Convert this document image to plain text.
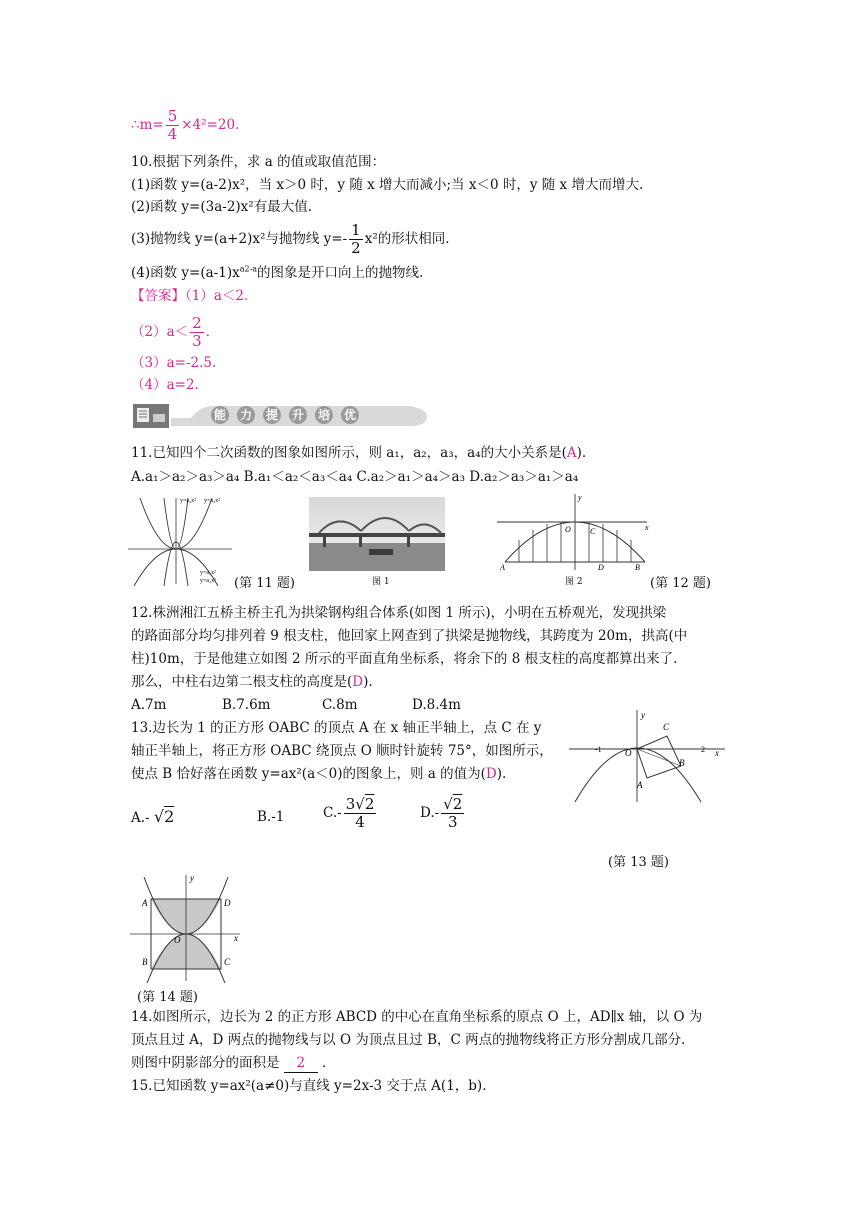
∴m= $\frac{5}{4} \times 4^2=20$.
10.根据下列条件，求 a 的值或取值范围：
(1)函数 y=(a-2)x²，当 x＞0 时，y 随 x 增大而减小;当 x＜0 时，y 随 x 增大而增大.
(2)函数 y=(3a-2)x²有最大值.
(3)抛物线 y=(a+2)x²与抛物线 $y=- \frac{1}{2} x^2$的形状相同.
(4)函数 $y=(a-1)x^{a2-a}$的图象是开口向上的抛物线.
【答案】（1）a＜2．
$(2)a< \frac{2}{3}$ ．
（3）a=-2.5.
（4）a=2.
能 力 提 升 培 优
11.已知四个二次函数的图象如图所示，则 a₁，a₂，a₃，a₄的大小关系是(A).
A.a₁＞a₂＞a₃＞a₄ B.a₁＜a₂＜a₃＜a₄ C.a₂＞a₁＞a₄＞a₃ D.a₂＞a₃＞a₁＞a₄
y=a₄x² y=a₃x²
y=a₁x²
y=a₂x² (第 11 题)	图 1
y
x
O C
A	D	B
图 2	(第 12 题)
12.株洲湘江五桥主桥主孔为拱梁钢构组合体系(如图 1 所示)，小明在五桥观光，发现拱梁
的路面部分均匀排列着 9 根支柱，他回家上网查到了拱梁是抛物线，其跨度为 20m，拱高(中
柱)10m，于是他建立如图 2 所示的平面直角坐标系，将余下的 8 根支柱的高度都算出来了.
那么，中柱右边第二根支柱的高度是(D).
A.7m	B.7.6m	C.8m	D.8.4m
13.边长为 1 的正方形 OABC 的顶点 A 在 x 轴正半轴上，点 C 在 y
轴正半轴上，将正方形 OABC 绕顶点 O 顺时针旋转 75°，如图所示，
使点 B 恰好落在函数 y=ax²(a＜0)的图象上，则 a 的值为(D).
A.- √2	B.-1	$C.- \frac{3√2}{4}$	$D.- \frac{√2}{3}$
y
C
-1	O	2 x
B
A
(第 13 题)
y
A	D
O	x
B	C
(第 14 题)
14.如图所示，边长为 2 的正方形 ABCD 的中心在直角坐标系的原点 O 上，AD∥x 轴，以 O 为
顶点且过 A，D 两点的抛物线与以 O 为顶点且过 B，C 两点的抛物线将正方形分割成几部分.
则图中阴影部分的面积是 2 ．
15.已知函数 y=ax²(a≠0)与直线 y=2x-3 交于点 A(1，b).
